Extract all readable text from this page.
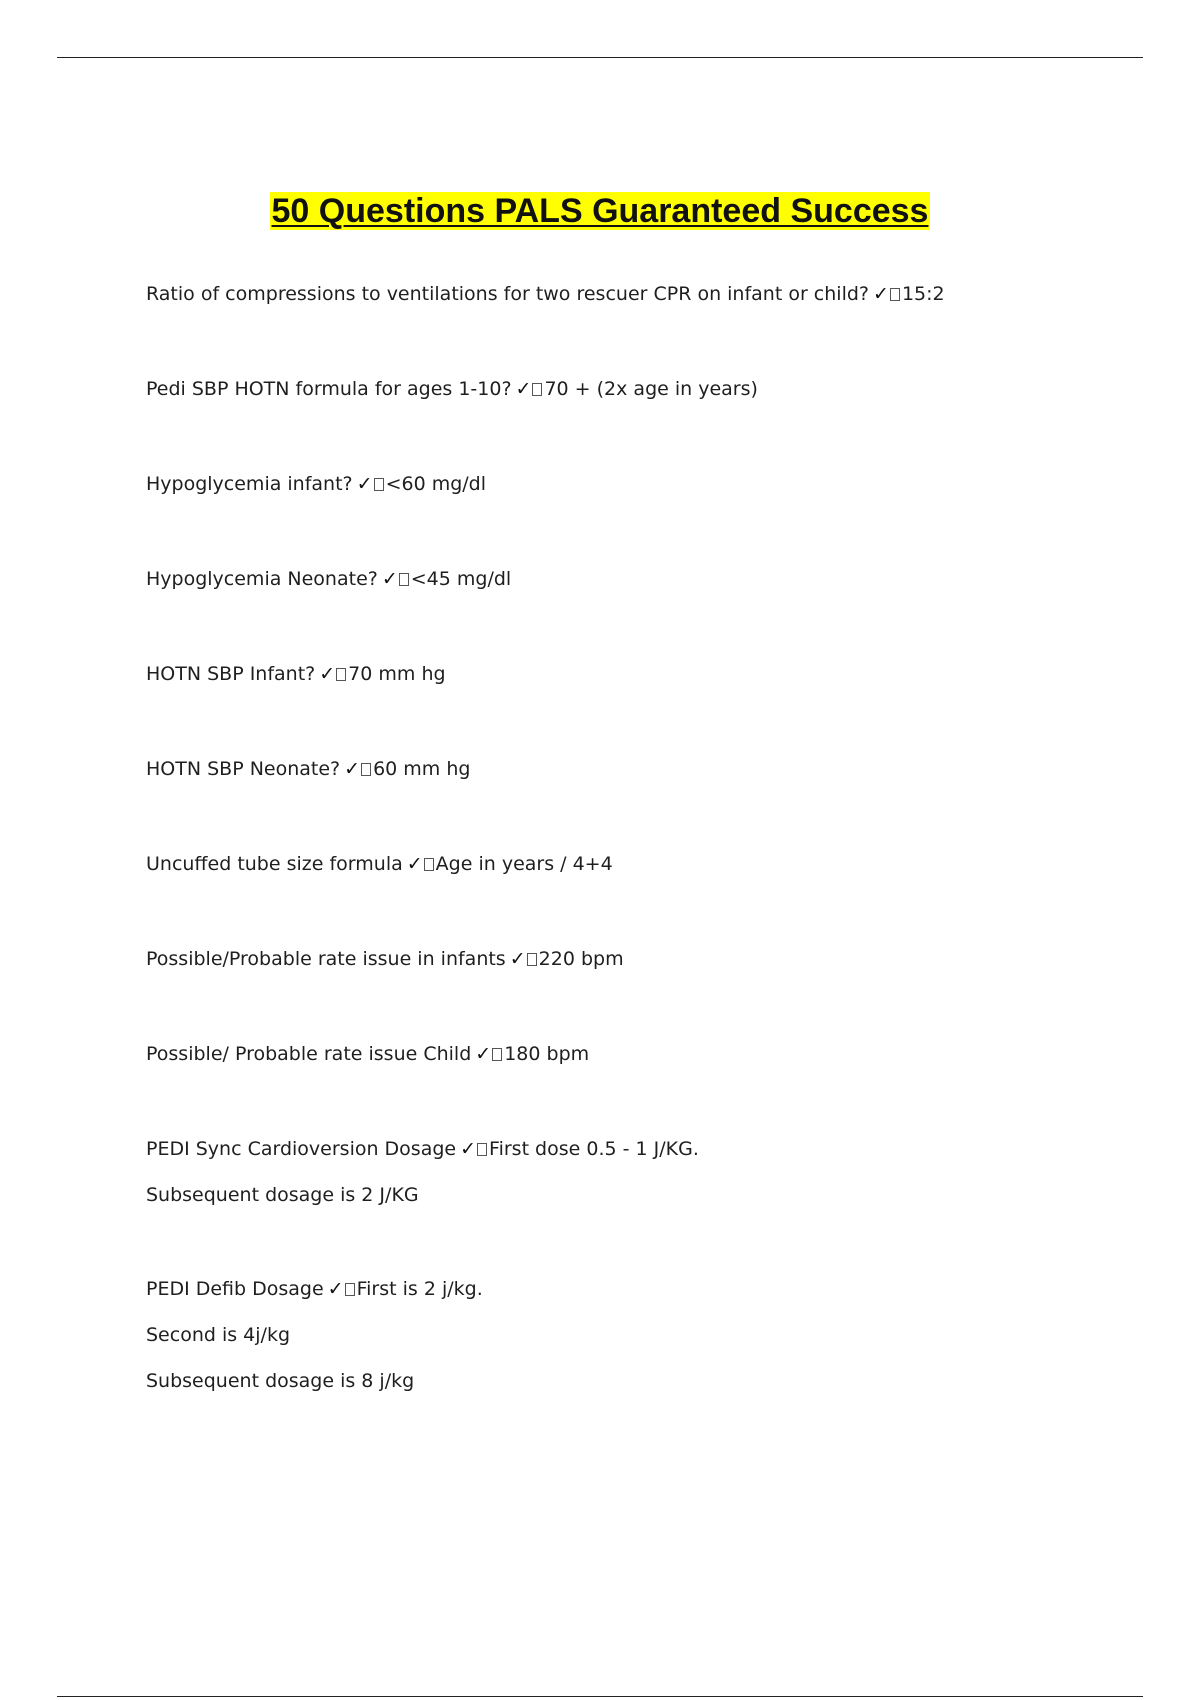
50 Questions PALS Guaranteed Success

Ratio of compressions to ventilations for two rescuer CPR on infant or child? ✓ 15:2

Pedi SBP HOTN formula for ages 1-10? ✓ 70 + (2x age in years)

Hypoglycemia infant? ✓ <60 mg/dl

Hypoglycemia Neonate? ✓ <45 mg/dl

HOTN SBP Infant? ✓ 70 mm hg

HOTN SBP Neonate? ✓ 60 mm hg

Uncuffed tube size formula ✓ Age in years / 4+4

Possible/Probable rate issue in infants ✓ 220 bpm

Possible/ Probable rate issue Child ✓ 180 bpm

PEDI Sync Cardioversion Dosage ✓ First dose 0.5 - 1 J/KG.

Subsequent dosage is 2 J/KG

PEDI Defib Dosage ✓ First is 2 j/kg.

Second is 4j/kg

Subsequent dosage is 8 j/kg
